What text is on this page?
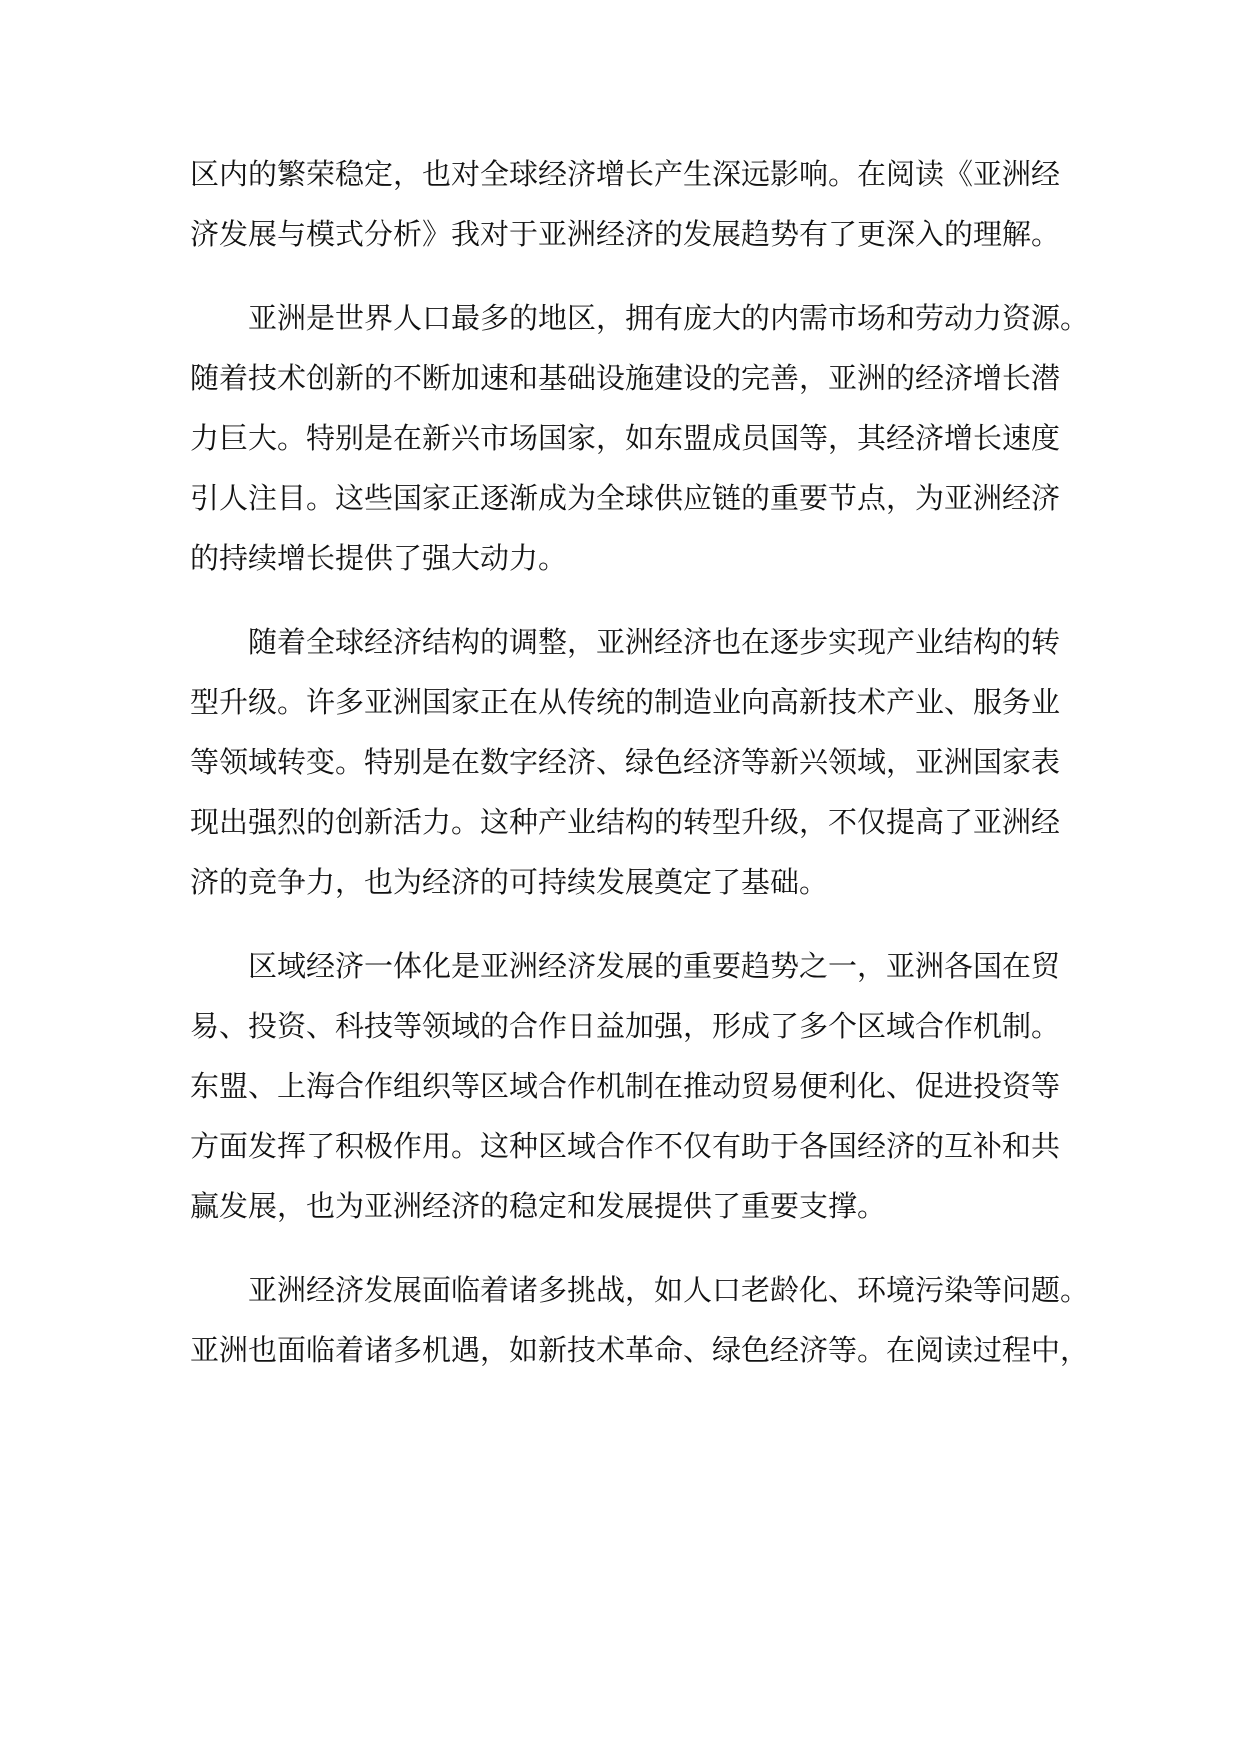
区内的繁荣稳定，也对全球经济增长产生深远影响。在阅读《亚洲经
济发展与模式分析》我对于亚洲经济的发展趋势有了更深入的理解。
亚洲是世界人口最多的地区，拥有庞大的内需市场和劳动力资源。
随着技术创新的不断加速和基础设施建设的完善，亚洲的经济增长潜
力巨大。特别是在新兴市场国家，如东盟成员国等，其经济增长速度
引人注目。这些国家正逐渐成为全球供应链的重要节点，为亚洲经济
的持续增长提供了强大动力。
随着全球经济结构的调整，亚洲经济也在逐步实现产业结构的转
型升级。许多亚洲国家正在从传统的制造业向高新技术产业、服务业
等领域转变。特别是在数字经济、绿色经济等新兴领域，亚洲国家表
现出强烈的创新活力。这种产业结构的转型升级，不仅提高了亚洲经
济的竞争力，也为经济的可持续发展奠定了基础。
区域经济一体化是亚洲经济发展的重要趋势之一，亚洲各国在贸
易、投资、科技等领域的合作日益加强，形成了多个区域合作机制。
东盟、上海合作组织等区域合作机制在推动贸易便利化、促进投资等
方面发挥了积极作用。这种区域合作不仅有助于各国经济的互补和共
赢发展，也为亚洲经济的稳定和发展提供了重要支撑。
亚洲经济发展面临着诸多挑战，如人口老龄化、环境污染等问题。
亚洲也面临着诸多机遇，如新技术革命、绿色经济等。在阅读过程中，
